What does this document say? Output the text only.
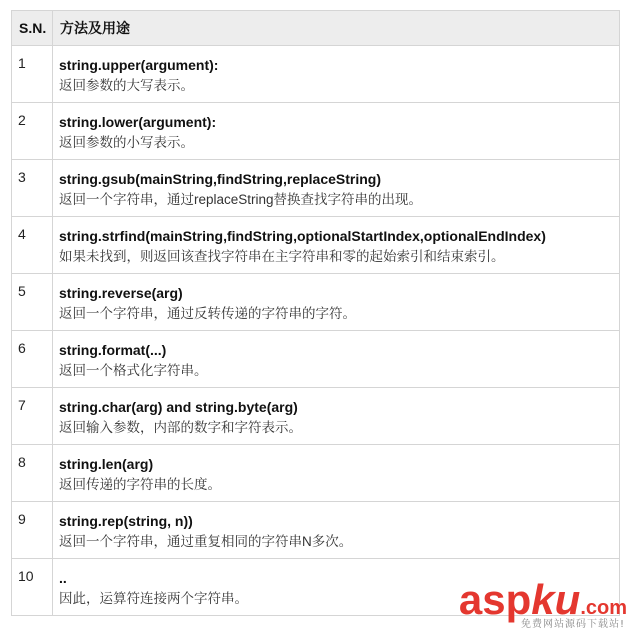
S.N.	方法及用途
1	string.upper(argument):
返回参数的大写表示。

2	string.lower(argument):
返回参数的小写表示。

3	string.gsub(mainString,findString,replaceString)
返回一个字符串，通过replaceString替换查找字符串的出现。

4	string.strfind(mainString,findString,optionalStartIndex,optionalEndIndex)
如果未找到，则返回该查找字符串在主字符串和零的起始索引和结束索引。

5	string.reverse(arg)
返回一个字符串，通过反转传递的字符串的字符。

6	string.format(...)
返回一个格式化字符串。

7	string.char(arg) and string.byte(arg)
返回输入参数，内部的数字和字符表示。

8	string.len(arg)
返回传递的字符串的长度。

9	string.rep(string, n))
返回一个字符串，通过重复相同的字符串N多次。

10	..
因此，运算符连接两个字符串。	aspku.com
免费网站源码下载站!
